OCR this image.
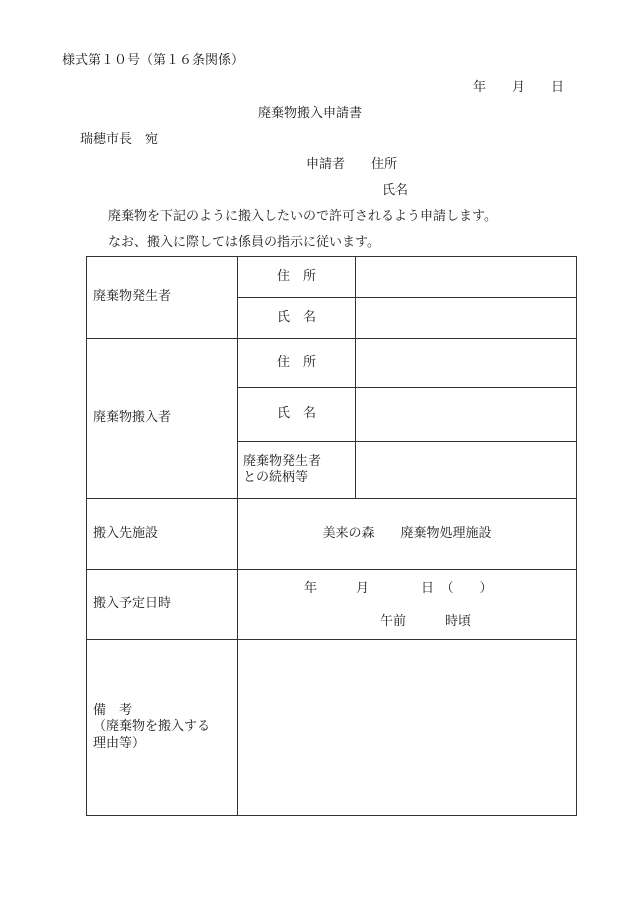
様式第１０号（第１６条関係）
年　　月　　日
廃棄物搬入申請書
瑞穂市長　宛
申請者　　住所
氏名
廃棄物を下記のように搬入したいので許可されるよう申請します。
なお、搬入に際しては係員の指示に従います。
廃棄物発生者	住　所	
	氏　名	
廃棄物搬入者	住　所	
	氏　名	

	廃棄物発生者
との続柄等	

搬入先施設	美来の森　　廃棄物処理施設	
搬入予定日時	年　　　月　　　　日　（　　）
午前　　　時頃	

備　考
（廃棄物を搬入する
理由等）		
